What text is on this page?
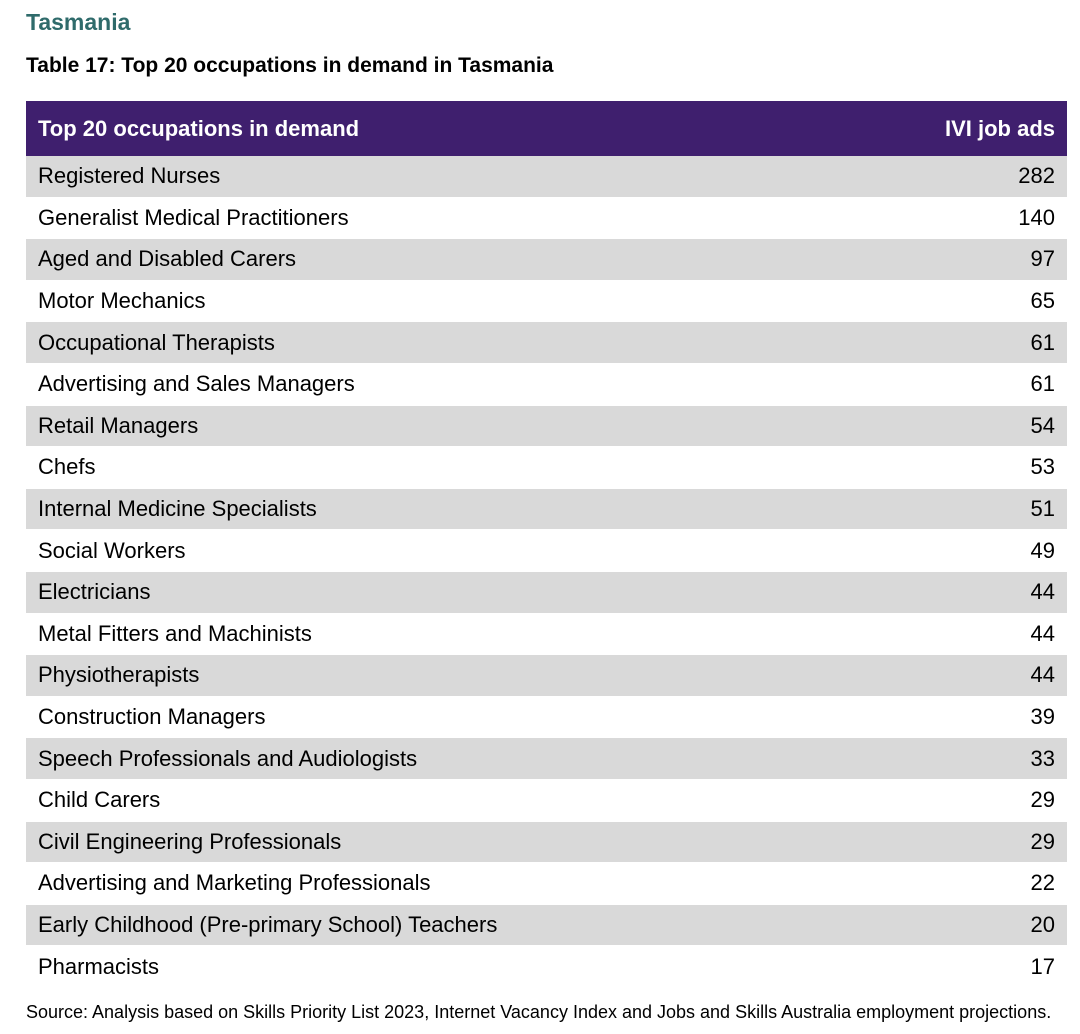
Tasmania
Table 17: Top 20 occupations in demand in Tasmania
Top 20 occupations in demand	IVI job ads
Registered Nurses	282
Generalist Medical Practitioners	140
Aged and Disabled Carers	97
Motor Mechanics	65
Occupational Therapists	61
Advertising and Sales Managers	61
Retail Managers	54
Chefs	53
Internal Medicine Specialists	51
Social Workers	49
Electricians	44
Metal Fitters and Machinists	44
Physiotherapists	44
Construction Managers	39
Speech Professionals and Audiologists	33
Child Carers	29
Civil Engineering Professionals	29
Advertising and Marketing Professionals	22
Early Childhood (Pre-primary School) Teachers	20
Pharmacists	17
Source: Analysis based on Skills Priority List 2023, Internet Vacancy Index and Jobs and Skills Australia employment projections.
